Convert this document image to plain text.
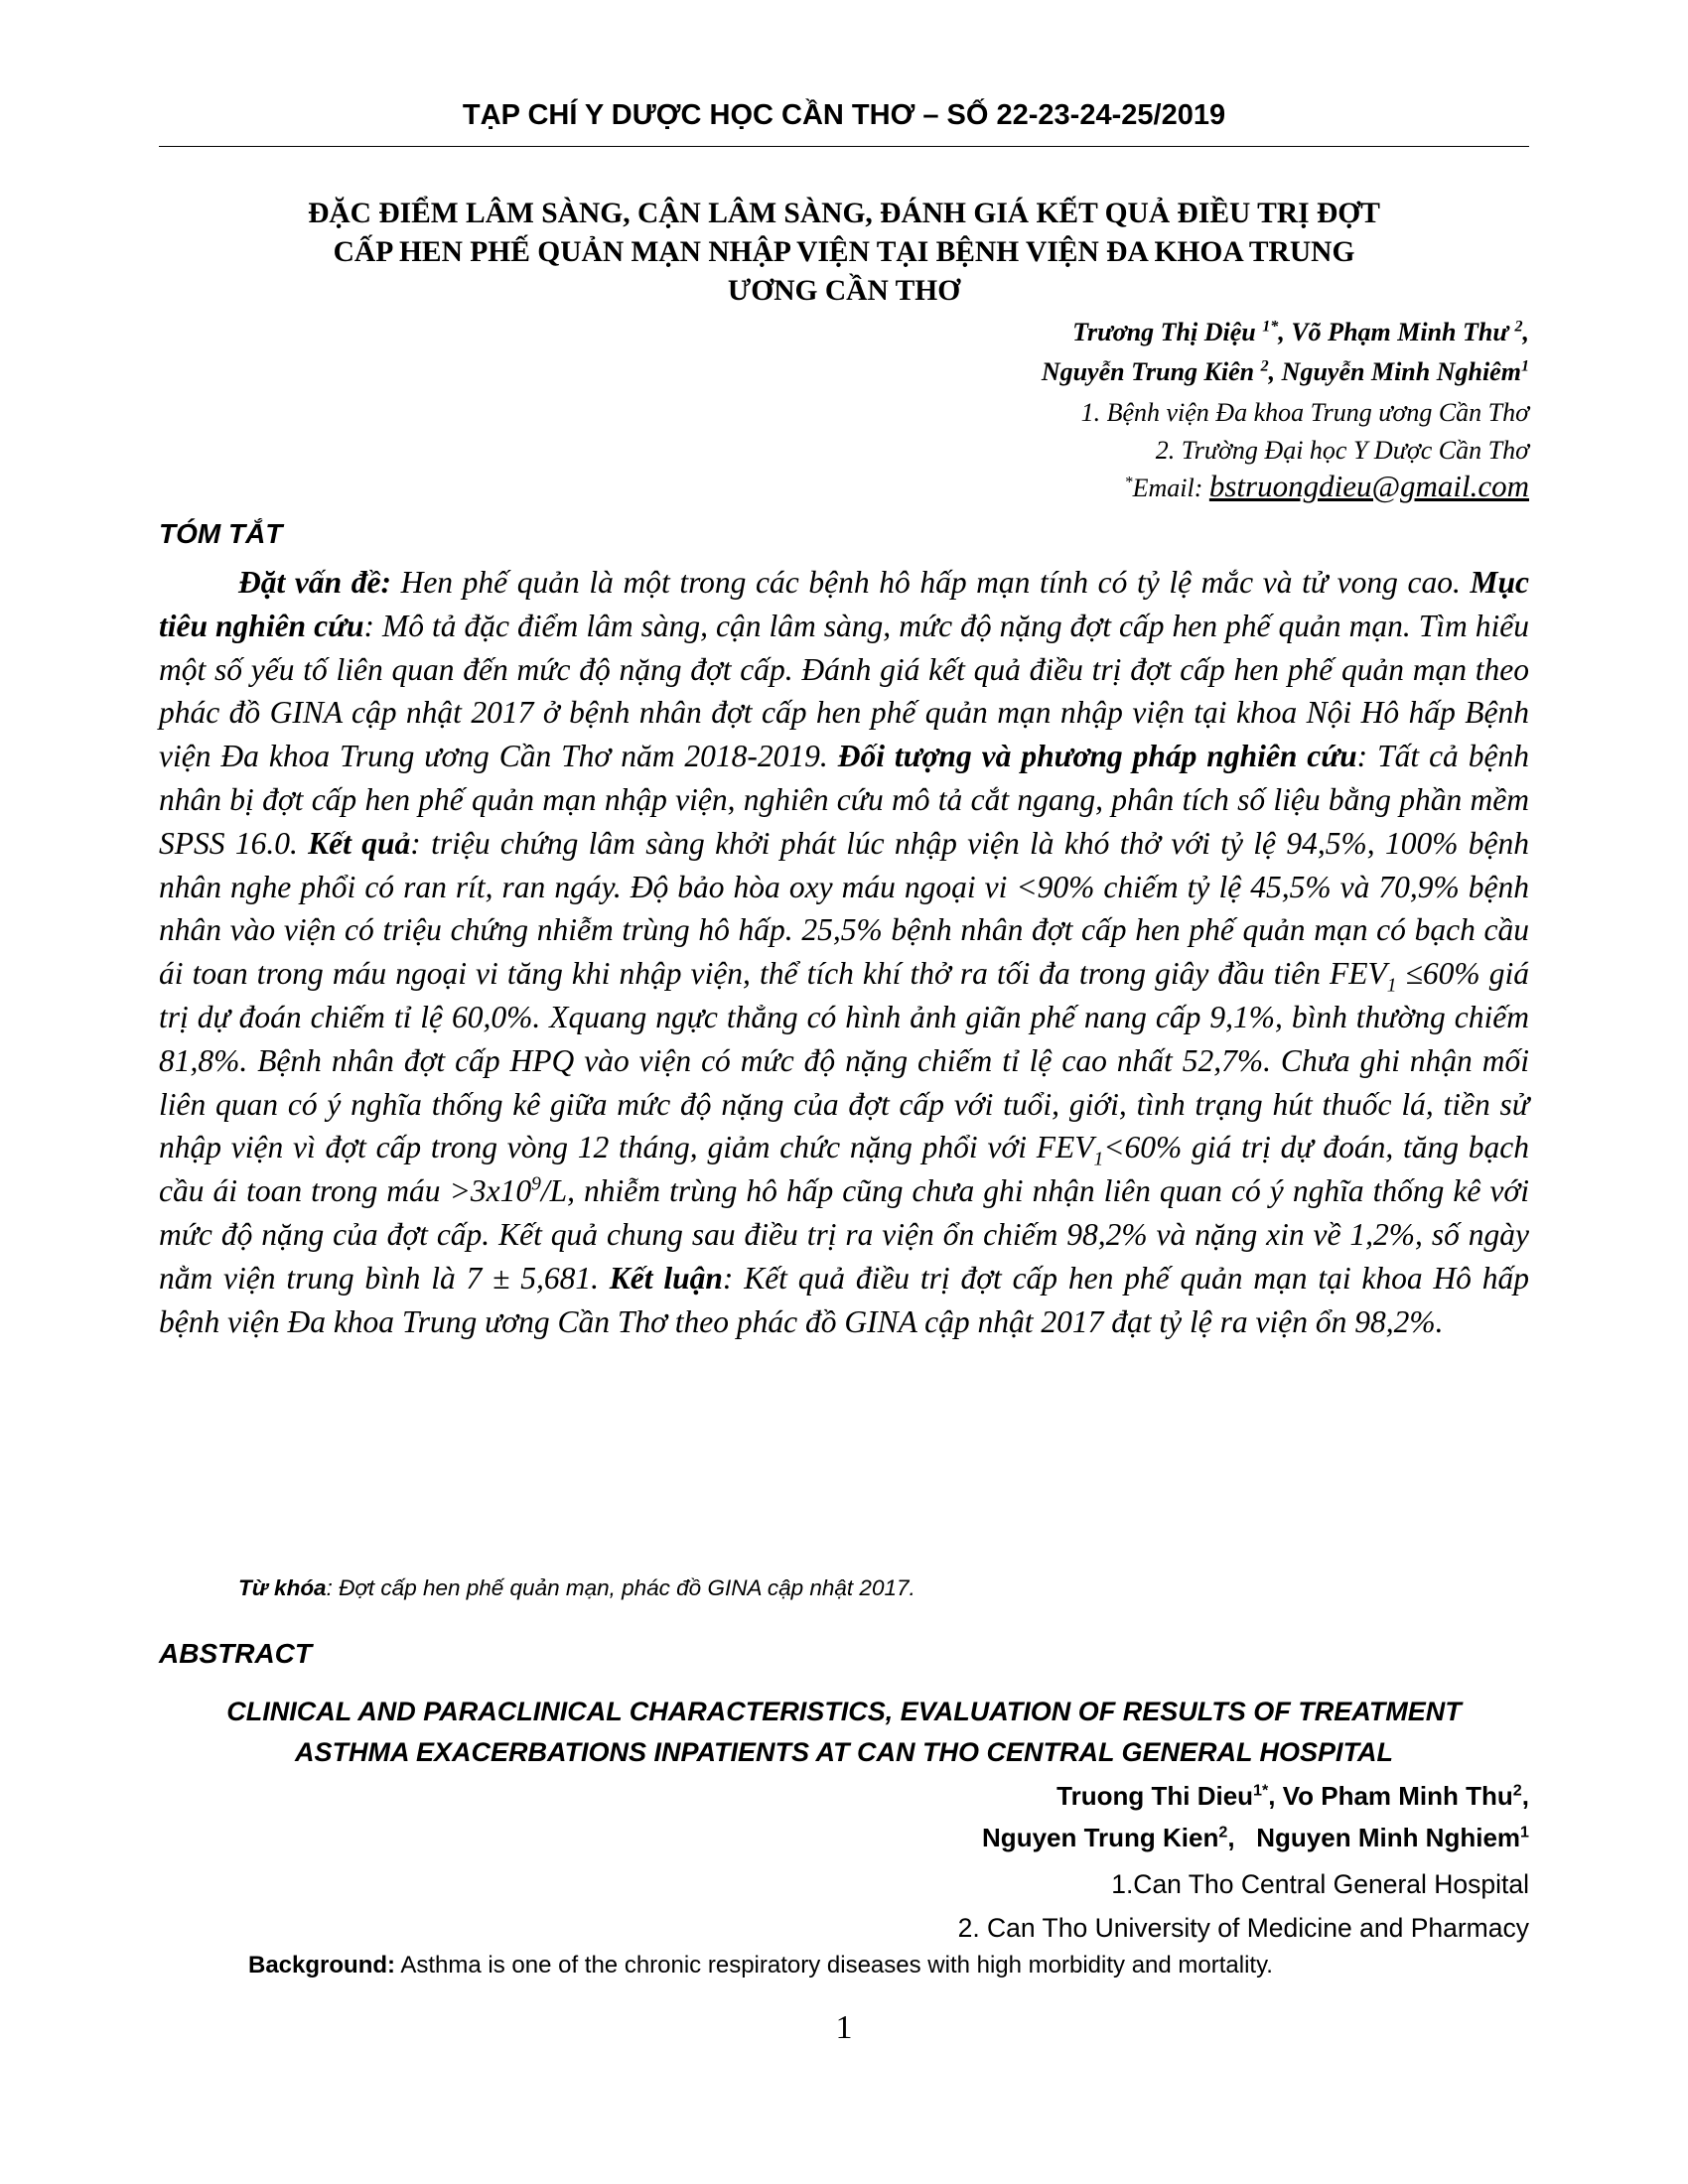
TẠP CHÍ Y DƯỢC HỌC CẦN THƠ – SỐ 22-23-24-25/2019
ĐẶC ĐIỂM LÂM SÀNG, CẬN LÂM SÀNG, ĐÁNH GIÁ KẾT QUẢ ĐIỀU TRỊ ĐỢT
CẤP HEN PHẾ QUẢN MẠN NHẬP VIỆN TẠI BỆNH VIỆN ĐA KHOA TRUNG
ƯƠNG CẦN THƠ
Trương Thị Diệu $^{1*}$, Võ Phạm Minh Thư $^2$,
Nguyễn Trung Kiên $^2$, Nguyễn Minh Nghiêm$^1$
1. Bệnh viện Đa khoa Trung ương Cần Thơ
2. Trường Đại học Y Dược Cần Thơ
*Email: bstruongdieu@gmail.com
TÓM TẮT
Đặt vấn đề: Hen phế quản là một trong các bệnh hô hấp mạn tính có tỷ lệ mắc và tử vong cao. Mục tiêu nghiên cứu: Mô tả đặc điểm lâm sàng, cận lâm sàng, mức độ nặng đợt cấp hen phế quản mạn. Tìm hiểu một số yếu tố liên quan đến mức độ nặng đợt cấp. Đánh giá kết quả điều trị đợt cấp hen phế quản mạn theo phác đồ GINA cập nhật 2017 ở bệnh nhân đợt cấp hen phế quản mạn nhập viện tại khoa Nội Hô hấp Bệnh viện Đa khoa Trung ương Cần Thơ năm 2018-2019. Đối tượng và phương pháp nghiên cứu: Tất cả bệnh nhân bị đợt cấp hen phế quản mạn nhập viện, nghiên cứu mô tả cắt ngang, phân tích số liệu bằng phần mềm SPSS 16.0. Kết quả: triệu chứng lâm sàng khởi phát lúc nhập viện là khó thở với tỷ lệ 94,5%, 100% bệnh nhân nghe phổi có ran rít, ran ngáy. Độ bảo hòa oxy máu ngoại vi <90% chiếm tỷ lệ 45,5% và 70,9% bệnh nhân vào viện có triệu chứng nhiễm trùng hô hấp. 25,5% bệnh nhân đợt cấp hen phế quản mạn có bạch cầu ái toan trong máu ngoại vi tăng khi nhập viện, thể tích khí thở ra tối đa trong giây đầu tiên $FEV_1 \le 60\%$ giá trị dự đoán chiếm tỉ lệ 60,0%. Xquang ngực thẳng có hình ảnh giãn phế nang cấp 9,1%, bình thường chiếm 81,8%. Bệnh nhân đợt cấp HPQ vào viện có mức độ nặng chiếm tỉ lệ cao nhất 52,7%. Chưa ghi nhận mối liên quan có ý nghĩa thống kê giữa mức độ nặng của đợt cấp với tuổi, giới, tình trạng hút thuốc lá, tiền sử nhập viện vì đợt cấp trong vòng 12 tháng, giảm chức nặng phổi với $FEV_1<60\%$ giá trị dự đoán, tăng bạch cầu ái toan trong máu $>3x10^9/L$, nhiễm trùng hô hấp cũng chưa ghi nhận liên quan có ý nghĩa thống kê với mức độ nặng của đợt cấp. Kết quả chung sau điều trị ra viện ổn chiếm 98,2% và nặng xin về 1,2%, số ngày nằm viện trung bình là 7 ± 5,681. Kết luận: Kết quả điều trị đợt cấp hen phế quản mạn tại khoa Hô hấp bệnh viện Đa khoa Trung ương Cần Thơ theo phác đồ GINA cập nhật 2017 đạt tỷ lệ ra viện ổn 98,2%.
Từ khóa: Đợt cấp hen phế quản mạn, phác đồ GINA cập nhật 2017.
ABSTRACT
CLINICAL AND PARACLINICAL CHARACTERISTICS, EVALUATION OF RESULTS OF TREATMENT
ASTHMA EXACERBATIONS INPATIENTS AT CAN THO CENTRAL GENERAL HOSPITAL
Truong Thi Dieu$^{1*}$, Vo Pham Minh Thu$^2$,
Nguyen Trung Kien$^2$,   Nguyen Minh Nghiem$^1$
1.Can Tho Central General Hospital
2. Can Tho University of Medicine and Pharmacy
Background: Asthma is one of the chronic respiratory diseases with high morbidity and mortality.
1
